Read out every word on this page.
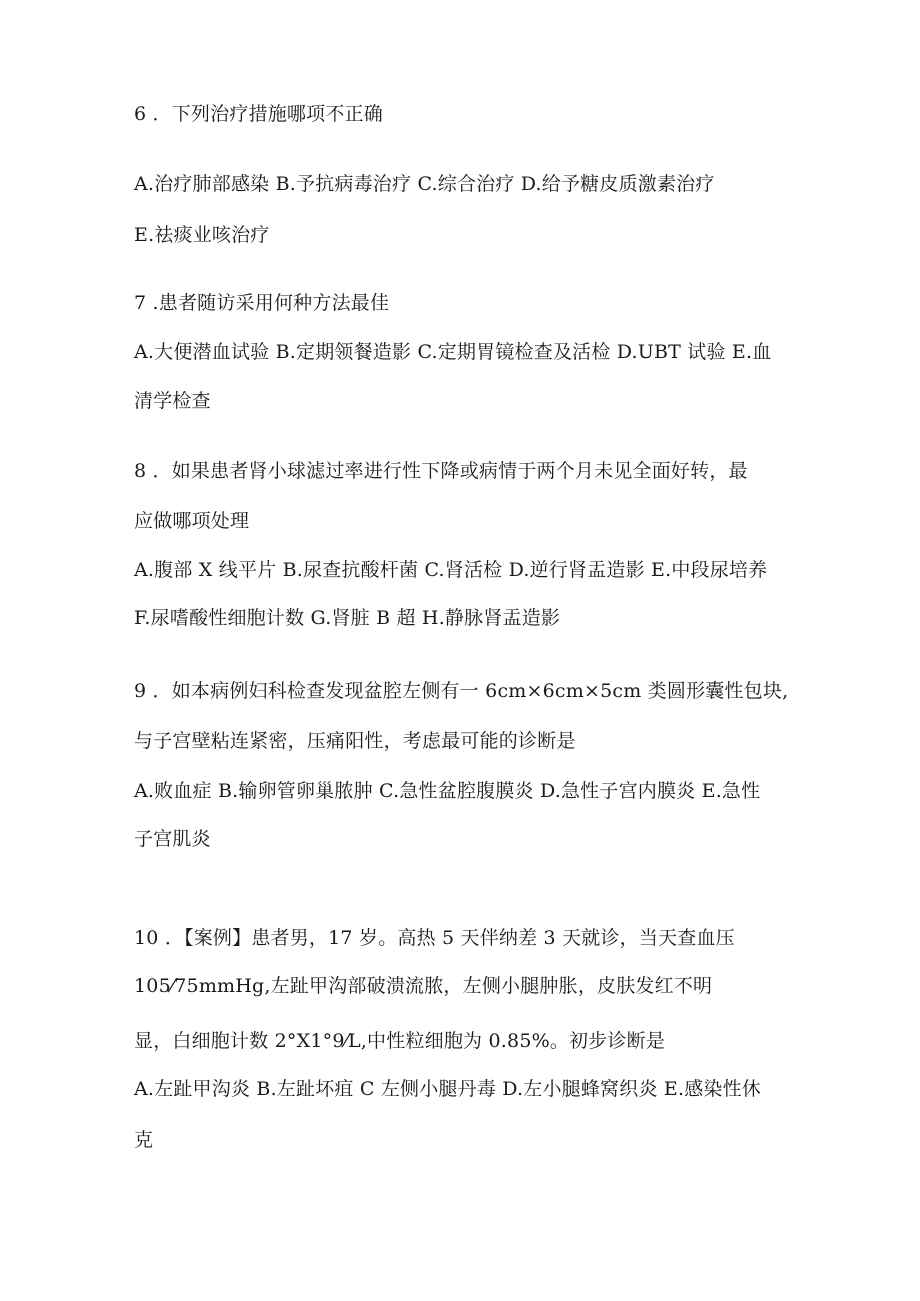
6 ．下列治疗措施哪项不正确
A.治疗肺部感染 B.予抗病毒治疗 C.综合治疗 D.给予糖皮质激素治疗
E.祛痰业咳治疗
7 .患者随访采用何种方法最佳
A.大便潜血试验 B.定期领餐造影 C.定期胃镜检查及活检 D.UBT 试验 E.血
清学检查
8 ．如果患者肾小球滤过率进行性下降或病情于两个月未见全面好转，最
应做哪项处理
A.腹部 X 线平片 B.尿查抗酸杆菌 C.肾活检 D.逆行肾盂造影 E.中段尿培养
F.尿嗜酸性细胞计数 G.肾脏 B 超 H.静脉肾盂造影
9 ．如本病例妇科检查发现盆腔左侧有一 6cm×6cm×5cm 类圆形囊性包块,
与子宫壁粘连紧密，压痛阳性，考虑最可能的诊断是
A.败血症 B.输卵管卵巢脓肿 C.急性盆腔腹膜炎 D.急性子宫内膜炎 E.急性
子宫肌炎
10 ．【案例】患者男，17 岁。高热 5 天伴纳差 3 天就诊，当天查血压
105⁄75mmHg,左趾甲沟部破溃流脓，左侧小腿肿胀，皮肤发红不明
显，白细胞计数 2°X1°9⁄L,中性粒细胞为 0.85%。初步诊断是
A.左趾甲沟炎 B.左趾坏疽 C 左侧小腿丹毒 D.左小腿蜂窝织炎 E.感染性休
克
